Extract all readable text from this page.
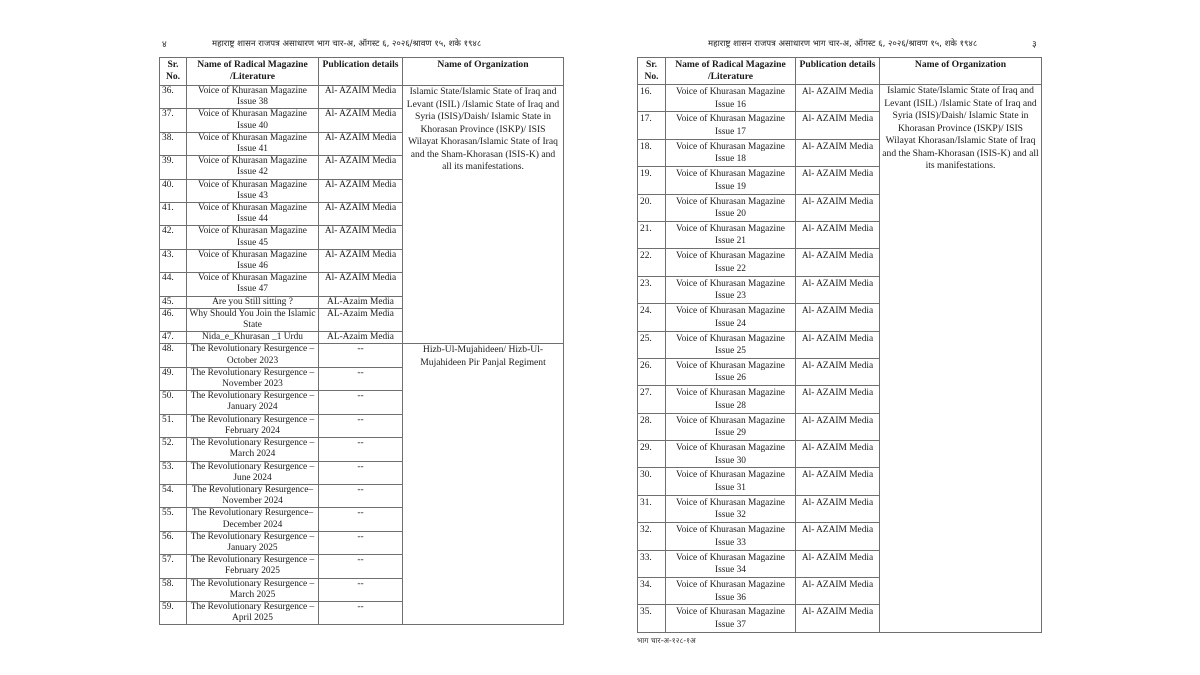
४	महाराष्ट्र शासन राजपत्र असाधारण भाग चार-अ, ऑगस्ट ६, २०२६/श्रावण १५, शके १९४८
Sr. No.	Name of Radical Magazine /Literature	Publication details	Name of Organization
36.	Voice of Khurasan Magazine Issue 38	Al- AZAIM Media	Islamic State/Islamic State of Iraq and Levant (ISIL) /Islamic State of Iraq and Syria (ISIS)/Daish/ Islamic State in Khorasan Province (ISKP)/ ISIS Wilayat Khorasan/Islamic State of Iraq and the Sham-Khorasan (ISIS-K) and all its manifestations.
37.	Voice of Khurasan Magazine Issue 40	Al- AZAIM Media	
38.	Voice of Khurasan Magazine Issue 41	Al- AZAIM Media	
39.	Voice of Khurasan Magazine Issue 42	Al- AZAIM Media	
40.	Voice of Khurasan Magazine Issue 43	Al- AZAIM Media	
41.	Voice of Khurasan Magazine Issue 44	Al- AZAIM Media	
42.	Voice of Khurasan Magazine Issue 45	Al- AZAIM Media	
43.	Voice of Khurasan Magazine Issue 46	Al- AZAIM Media	
44.	Voice of Khurasan Magazine Issue 47	Al- AZAIM Media	
45.	Are you Still sitting ?	AL-Azaim Media	
46.	Why Should You Join the Islamic State	AL-Azaim Media	
47.	Nida_e_Khurasan _1 Urdu	AL-Azaim Media	
48.	The Revolutionary Resurgence – October 2023	--	Hizb-Ul-Mujahideen/ Hizb-Ul-Mujahideen Pir Panjal Regiment
49.	The Revolutionary Resurgence – November 2023	--	
50.	The Revolutionary Resurgence – January 2024	--	
51.	The Revolutionary Resurgence – February 2024	--	
52.	The Revolutionary Resurgence – March 2024	--	
53.	The Revolutionary Resurgence – June 2024	--	
54.	The Revolutionary Resurgence–November 2024	--	
55.	The Revolutionary Resurgence–December 2024	--	
56.	The Revolutionary Resurgence – January 2025	--	
57.	The Revolutionary Resurgence – February 2025	--	
58.	The Revolutionary Resurgence – March 2025	--	
59.	The Revolutionary Resurgence – April 2025	--	
महाराष्ट्र शासन राजपत्र असाधारण भाग चार-अ, ऑगस्ट ६, २०२६/श्रावण १५, शके १९४८	३
भाग चार-अ-१२८-१अ
Sr. No.	Name of Radical Magazine /Literature	Publication details	Name of Organization
16.	Voice of Khurasan Magazine Issue 16	Al- AZAIM Media	Islamic State/Islamic State of Iraq and Levant (ISIL) /Islamic State of Iraq and Syria (ISIS)/Daish/ Islamic State in Khorasan Province (ISKP)/ ISIS Wilayat Khorasan/Islamic State of Iraq and the Sham-Khorasan (ISIS-K) and all its manifestations.
17.	Voice of Khurasan Magazine Issue 17	Al- AZAIM Media	
18.	Voice of Khurasan Magazine Issue 18	Al- AZAIM Media	
19.	Voice of Khurasan Magazine Issue 19	Al- AZAIM Media	
20.	Voice of Khurasan Magazine Issue 20	Al- AZAIM Media	
21.	Voice of Khurasan Magazine Issue 21	Al- AZAIM Media	
22.	Voice of Khurasan Magazine Issue 22	Al- AZAIM Media	
23.	Voice of Khurasan Magazine Issue 23	Al- AZAIM Media	
24.	Voice of Khurasan Magazine Issue 24	Al- AZAIM Media	
25.	Voice of Khurasan Magazine Issue 25	Al- AZAIM Media	
26.	Voice of Khurasan Magazine Issue 26	Al- AZAIM Media	
27.	Voice of Khurasan Magazine Issue 28	Al- AZAIM Media	
28.	Voice of Khurasan Magazine Issue 29	Al- AZAIM Media	
29.	Voice of Khurasan Magazine Issue 30	Al- AZAIM Media	
30.	Voice of Khurasan Magazine Issue 31	Al- AZAIM Media	
31.	Voice of Khurasan Magazine Issue 32	Al- AZAIM Media	
32.	Voice of Khurasan Magazine Issue 33	Al- AZAIM Media	
33.	Voice of Khurasan Magazine Issue 34	Al- AZAIM Media	
34.	Voice of Khurasan Magazine Issue 36	Al- AZAIM Media	
35.	Voice of Khurasan Magazine Issue 37	Al- AZAIM Media	
